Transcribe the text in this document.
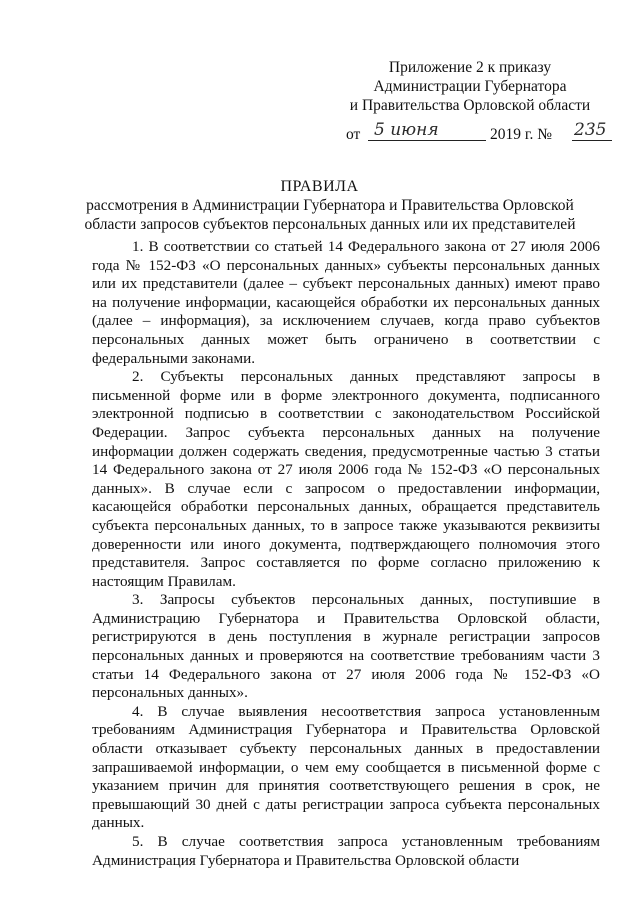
Приложение 2 к приказу
Администрации Губернатора
и Правительства Орловской области
от 5 июня	2019 г. № 235
ПРАВИЛА
рассмотрения в Администрации Губернатора и Правительства Орловской области запросов субъектов персональных данных или их представителей

1. В соответствии со статьей 14 Федерального закона от 27 июля 2006 года № 152-ФЗ «О персональных данных» субъекты персональных данных или их представители (далее – субъект персональных данных) имеют право на получение информации, касающейся обработки их персональных данных (далее – информация), за исключением случаев, когда право субъектов персональных данных может быть ограничено в соответствии с федеральными законами.

2. Субъекты персональных данных представляют запросы в письменной форме или в форме электронного документа, подписанного электронной подписью в соответствии с законодательством Российской Федерации. Запрос субъекта персональных данных на получение информации должен содержать сведения, предусмотренные частью 3 статьи 14 Федерального закона от 27 июля 2006 года № 152-ФЗ «О персональных данных». В случае если с запросом о предоставлении информации, касающейся обработки персональных данных, обращается представитель субъекта персональных данных, то в запросе также указываются реквизиты доверенности или иного документа, подтверждающего полномочия этого представителя. Запрос составляется по форме согласно приложению к настоящим Правилам.

3. Запросы субъектов персональных данных, поступившие в Администрацию Губернатора и Правительства Орловской области, регистрируются в день поступления в журнале регистрации запросов персональных данных и проверяются на соответствие требованиям части 3 статьи 14 Федерального закона от 27 июля 2006 года № 152-ФЗ «О персональных данных».

4. В случае выявления несоответствия запроса установленным требованиям Администрация Губернатора и Правительства Орловской области отказывает субъекту персональных данных в предоставлении запрашиваемой информации, о чем ему сообщается в письменной форме с указанием причин для принятия соответствующего решения в срок, не превышающий 30 дней с даты регистрации запроса субъекта персональных данных.

5. В случае соответствия запроса установленным требованиям Администрация Губернатора и Правительства Орловской области
